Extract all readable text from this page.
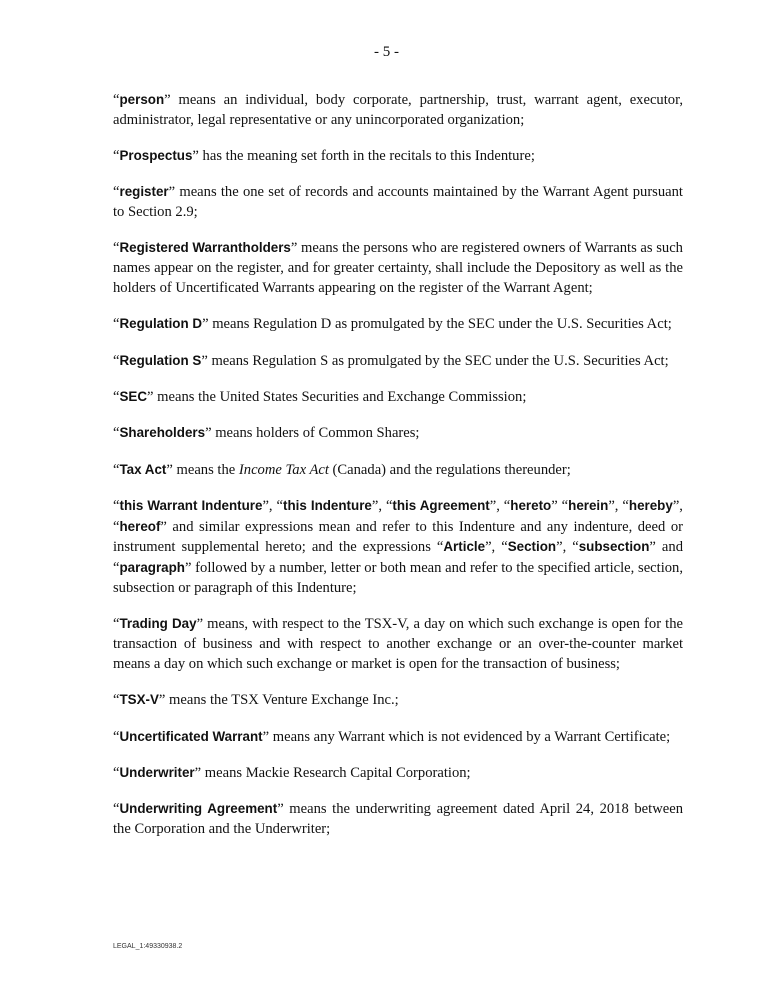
- 5 -

“person” means an individual, body corporate, partnership, trust, warrant agent, executor, administrator, legal representative or any unincorporated organization;

“Prospectus” has the meaning set forth in the recitals to this Indenture;

“register” means the one set of records and accounts maintained by the Warrant Agent pursuant to Section 2.9;

“Registered Warrantholders” means the persons who are registered owners of Warrants as such names appear on the register, and for greater certainty, shall include the Depository as well as the holders of Uncertificated Warrants appearing on the register of the Warrant Agent;

“Regulation D” means Regulation D as promulgated by the SEC under the U.S. Securities Act;

“Regulation S” means Regulation S as promulgated by the SEC under the U.S. Securities Act;

“SEC” means the United States Securities and Exchange Commission;

“Shareholders” means holders of Common Shares;

“Tax Act” means the Income Tax Act (Canada) and the regulations thereunder;

“this Warrant Indenture”, “this Indenture”, “this Agreement”, “hereto” “herein”, “hereby”, “hereof” and similar expressions mean and refer to this Indenture and any indenture, deed or instrument supplemental hereto; and the expressions “Article”, “Section”, “subsection” and “paragraph” followed by a number, letter or both mean and refer to the specified article, section, subsection or paragraph of this Indenture;

“Trading Day” means, with respect to the TSX-V, a day on which such exchange is open for the transaction of business and with respect to another exchange or an over-the-counter market means a day on which such exchange or market is open for the transaction of business;

“TSX-V” means the TSX Venture Exchange Inc.;

“Uncertificated Warrant” means any Warrant which is not evidenced by a Warrant Certificate;

“Underwriter” means Mackie Research Capital Corporation;

“Underwriting Agreement” means the underwriting agreement dated April 24, 2018 between the Corporation and the Underwriter;

LEGAL_1:49330938.2
